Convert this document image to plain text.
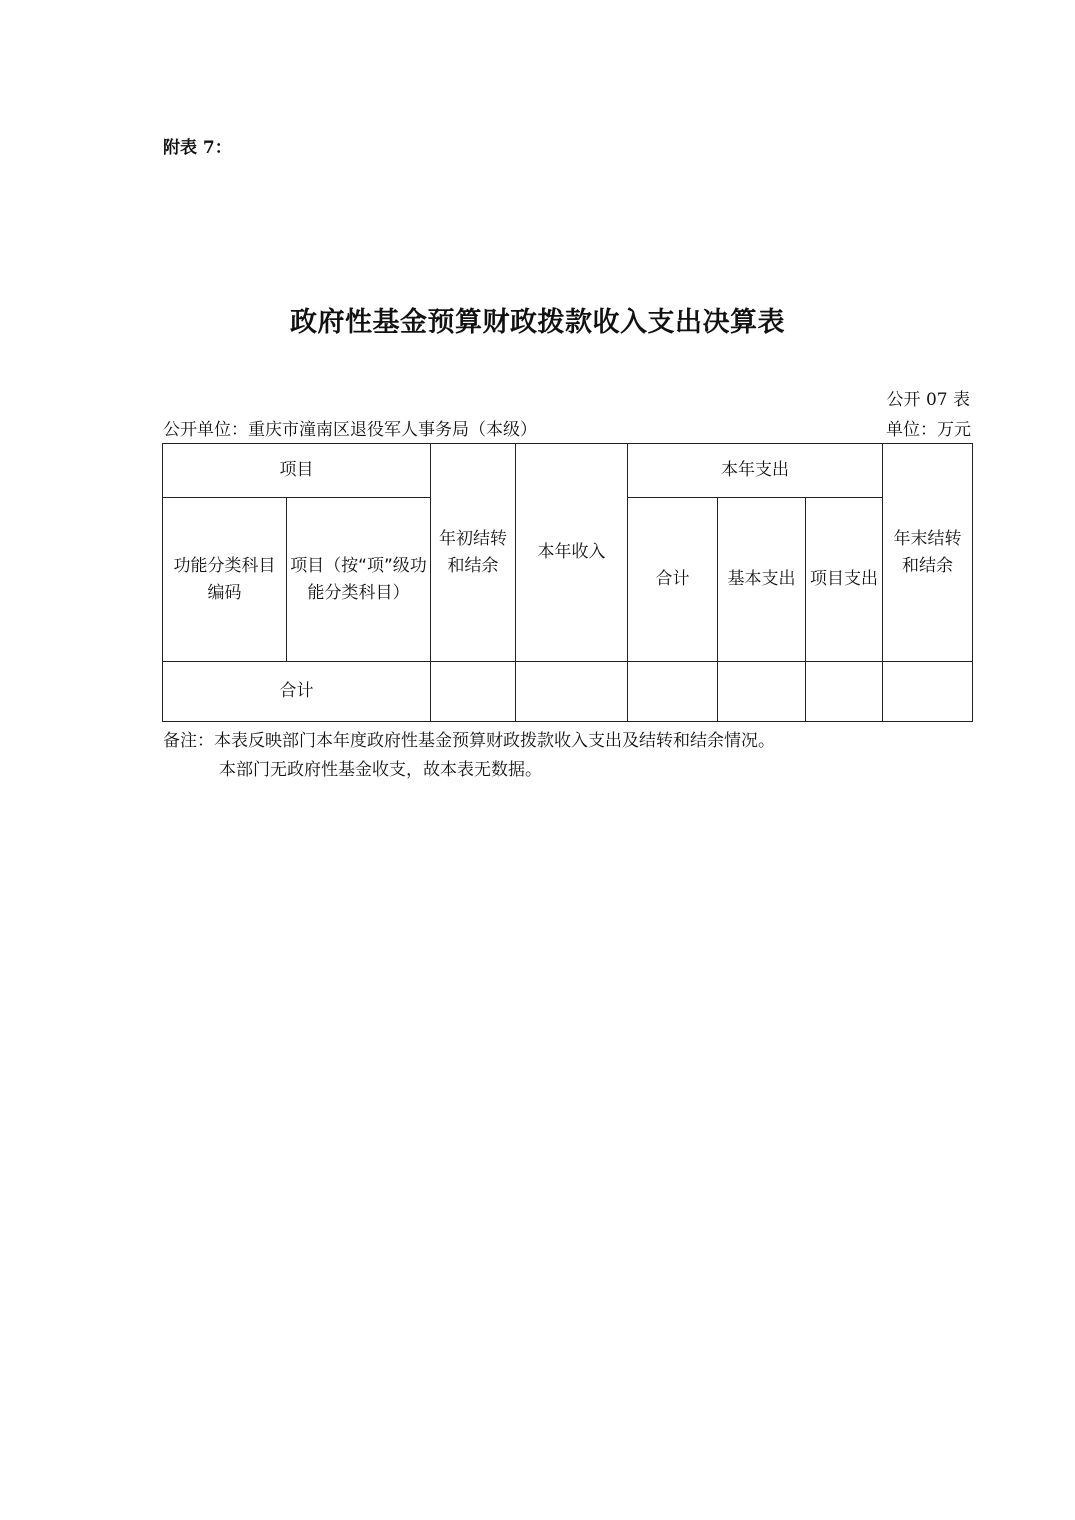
附表 7：
政府性基金预算财政拨款收入支出决算表
公开 07 表
公开单位：重庆市潼南区退役军人事务局（本级）	单位：万元
项目		年初结转和结余	本年收入	本年支出			年末结转和结余
功能分类科目编码	项目（按“项”级功能分类科目）			合计	基本支出	项目支出	
合计							
备注：本表反映部门本年度政府性基金预算财政拨款收入支出及结转和结余情况。
本部门无政府性基金收支，故本表无数据。
